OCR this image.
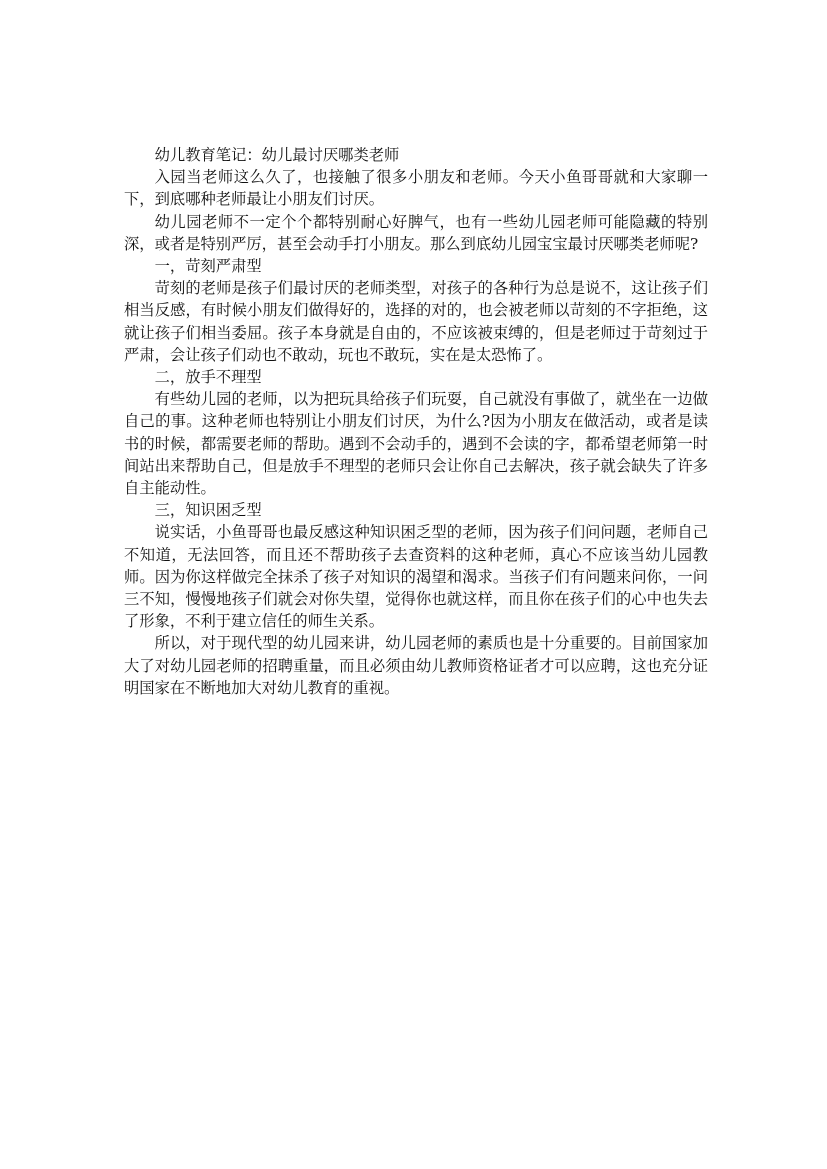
幼儿教育笔记：幼儿最讨厌哪类老师

入园当老师这么久了，也接触了很多小朋友和老师。今天小鱼哥哥就和大家聊一下，到底哪种老师最让小朋友们讨厌。

幼儿园老师不一定个个都特别耐心好脾气，也有一些幼儿园老师可能隐藏的特别深，或者是特别严厉，甚至会动手打小朋友。那么到底幼儿园宝宝最讨厌哪类老师呢?

一，苛刻严肃型

苛刻的老师是孩子们最讨厌的老师类型，对孩子的各种行为总是说不，这让孩子们相当反感，有时候小朋友们做得好的，选择的对的，也会被老师以苛刻的不字拒绝，这就让孩子们相当委屈。孩子本身就是自由的，不应该被束缚的，但是老师过于苛刻过于严肃，会让孩子们动也不敢动，玩也不敢玩，实在是太恐怖了。

二，放手不理型

有些幼儿园的老师，以为把玩具给孩子们玩耍，自己就没有事做了，就坐在一边做自己的事。这种老师也特别让小朋友们讨厌，为什么?因为小朋友在做活动，或者是读书的时候，都需要老师的帮助。遇到不会动手的，遇到不会读的字，都希望老师第一时间站出来帮助自己，但是放手不理型的老师只会让你自己去解决，孩子就会缺失了许多自主能动性。

三，知识困乏型

说实话，小鱼哥哥也最反感这种知识困乏型的老师，因为孩子们问问题，老师自己不知道，无法回答，而且还不帮助孩子去查资料的这种老师，真心不应该当幼儿园教师。因为你这样做完全抹杀了孩子对知识的渴望和渴求。当孩子们有问题来问你，一问三不知，慢慢地孩子们就会对你失望，觉得你也就这样，而且你在孩子们的心中也失去了形象，不利于建立信任的师生关系。

所以，对于现代型的幼儿园来讲，幼儿园老师的素质也是十分重要的。目前国家加大了对幼儿园老师的招聘重量，而且必须由幼儿教师资格证者才可以应聘，这也充分证明国家在不断地加大对幼儿教育的重视。
